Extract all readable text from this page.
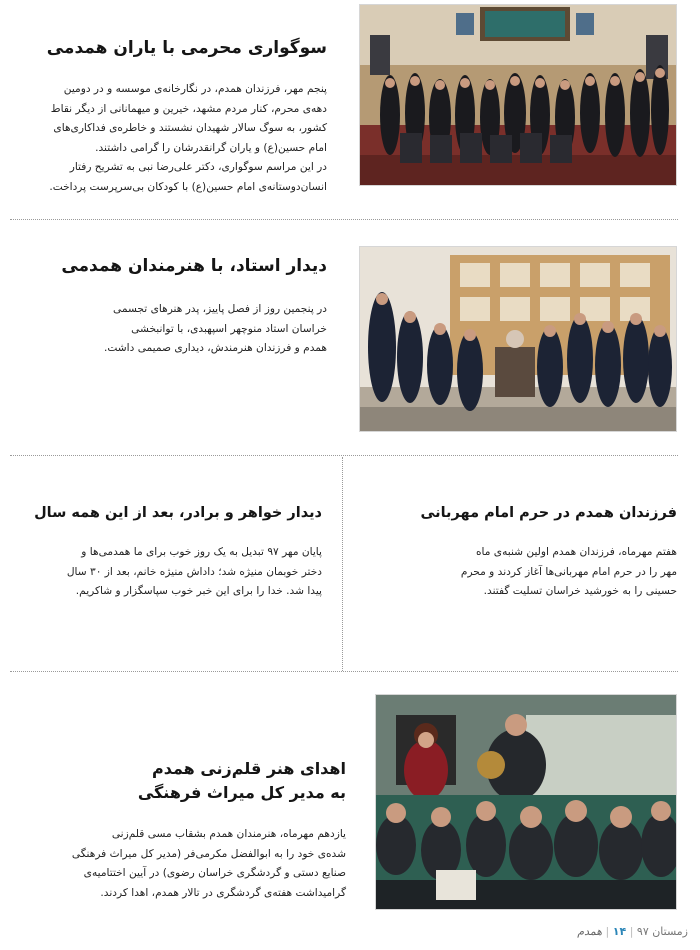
سوگواری محرمی با یاران همدمی
پنجم مهر، فرزندان همدم، در نگارخانه‌ی موسسه و در دومین
دهه‌ی محرم، کنار مردم مشهد، خیرین و میهمانانی از دیگر نقاط
کشور، به سوگ سالار شهیدان نشستند و خاطره‌ی فداکاری‌های
امام حسین(ع) و یاران گرانقدرشان را گرامی داشتند.
در این مراسم سوگواری، دکتر علی‌رضا نبی به تشریح رفتار
انسان‌دوستانه‌ی امام حسین(ع) با کودکان بی‌سرپرست پرداخت.
دیدار استاد، با هنرمندان همدمی
در پنجمین روز از فصل پاییز، پدر هنرهای تجسمی
خراسان استاد منوچهر اسپهبدی، با توانبخشی
همدم و فرزندان هنرمندش، دیداری صمیمی داشت.
دیدار خواهر و برادر، بعد از این همه سال
پایان مهر ۹۷ تبدیل به یک روز خوب برای ما همدمی‌ها و
دختر خوبمان منیژه شد؛ داداش منیژه خانم، بعد از ۳۰ سال
پیدا شد. خدا را برای این خبر خوب سپاسگزار و شاکریم.
فرزندان همدم در حرم امام مهربانی
هفتم مهرماه، فرزندان همدم اولین شنبه‌ی ماه
مهر را در حرم امام مهربانی‌ها آغاز کردند و محرم
حسینی را به خورشید خراسان تسلیت گفتند.
اهدای هنر قلم‌زنی همدم
به مدیر کل میراث فرهنگی
یازدهم مهرماه، هنرمندان همدم بشقاب مسی قلم‌زنی
شده‌ی خود را به ابوالفضل مکرمی‌فر (مدیر کل میراث فرهنگی
صنایع دستی و گردشگری خراسان رضوی) در آیین اختتامیه‌ی
گرامیداشت هفته‌ی گردشگری در تالار همدم، اهدا کردند.
زمستان ۹۷ | ۱۴ | همدم
